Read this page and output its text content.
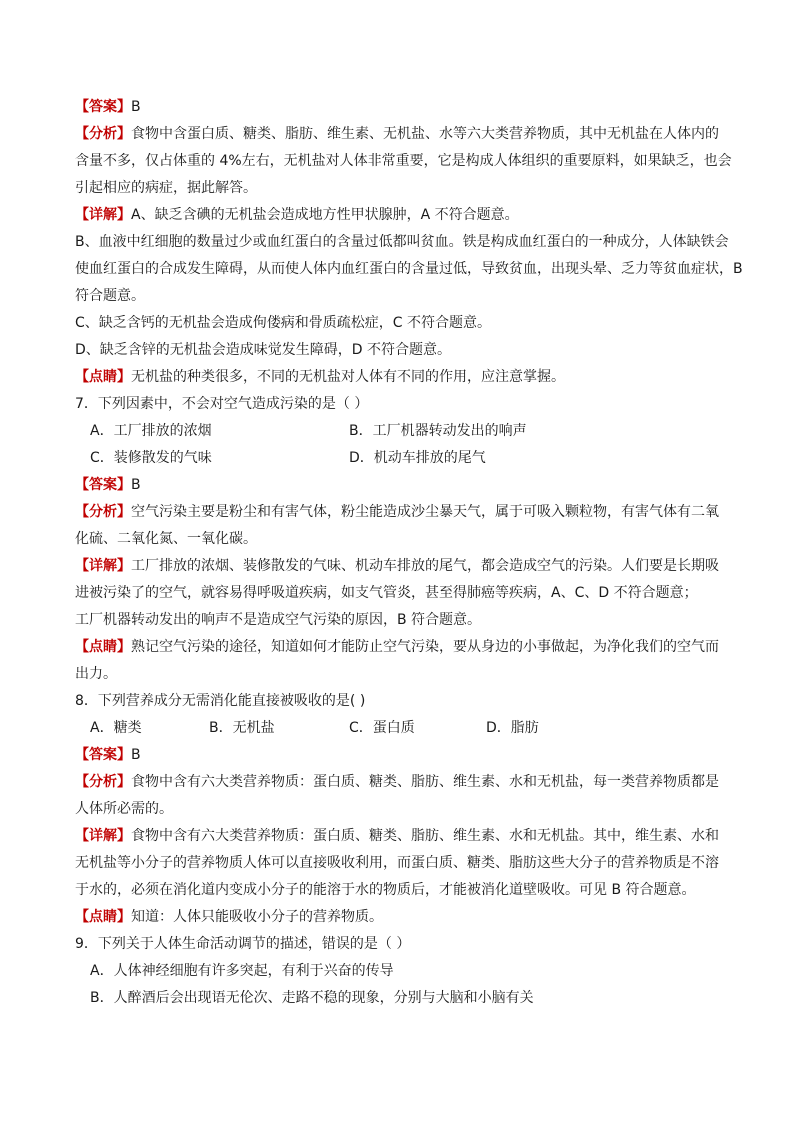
【答案】B
【分析】食物中含蛋白质、糖类、脂肪、维生素、无机盐、水等六大类营养物质，其中无机盐在人体内的
含量不多，仅占体重的 4%左右，无机盐对人体非常重要，它是构成人体组织的重要原料，如果缺乏，也会
引起相应的病症，据此解答。
【详解】A、缺乏含碘的无机盐会造成地方性甲状腺肿，A 不符合题意。
B、血液中红细胞的数量过少或血红蛋白的含量过低都叫贫血。铁是构成血红蛋白的一种成分，人体缺铁会
使血红蛋白的合成发生障碍，从而使人体内血红蛋白的含量过低，导致贫血，出现头晕、乏力等贫血症状，B
符合题意。
C、缺乏含钙的无机盐会造成佝偻病和骨质疏松症，C 不符合题意。
D、缺乏含锌的无机盐会造成味觉发生障碍，D 不符合题意。
【点睛】无机盐的种类很多，不同的无机盐对人体有不同的作用，应注意掌握。
7．下列因素中，不会对空气造成污染的是（ ）
A．工厂排放的浓烟	B．工厂机器转动发出的响声
C．装修散发的气味	D．机动车排放的尾气
【答案】B
【分析】空气污染主要是粉尘和有害气体，粉尘能造成沙尘暴天气，属于可吸入颗粒物，有害气体有二氧
化硫、二氧化氮、一氧化碳。
【详解】工厂排放的浓烟、装修散发的气味、机动车排放的尾气，都会造成空气的污染。人们要是长期吸
进被污染了的空气，就容易得呼吸道疾病，如支气管炎，甚至得肺癌等疾病，A、C、D 不符合题意；
工厂机器转动发出的响声不是造成空气污染的原因，B 符合题意。
【点睛】熟记空气污染的途径，知道如何才能防止空气污染，要从身边的小事做起，为净化我们的空气而
出力。
8．下列营养成分无需消化能直接被吸收的是( )
A．糖类	B．无机盐	C．蛋白质	D．脂肪
【答案】B
【分析】食物中含有六大类营养物质：蛋白质、糖类、脂肪、维生素、水和无机盐，每一类营养物质都是
人体所必需的。
【详解】食物中含有六大类营养物质：蛋白质、糖类、脂肪、维生素、水和无机盐。其中，维生素、水和
无机盐等小分子的营养物质人体可以直接吸收利用，而蛋白质、糖类、脂肪这些大分子的营养物质是不溶
于水的，必须在消化道内变成小分子的能溶于水的物质后，才能被消化道壁吸收。可见 B 符合题意。
【点睛】知道：人体只能吸收小分子的营养物质。
9．下列关于人体生命活动调节的描述，错误的是（ ）
A．人体神经细胞有许多突起，有利于兴奋的传导
B．人醉酒后会出现语无伦次、走路不稳的现象，分别与大脑和小脑有关
